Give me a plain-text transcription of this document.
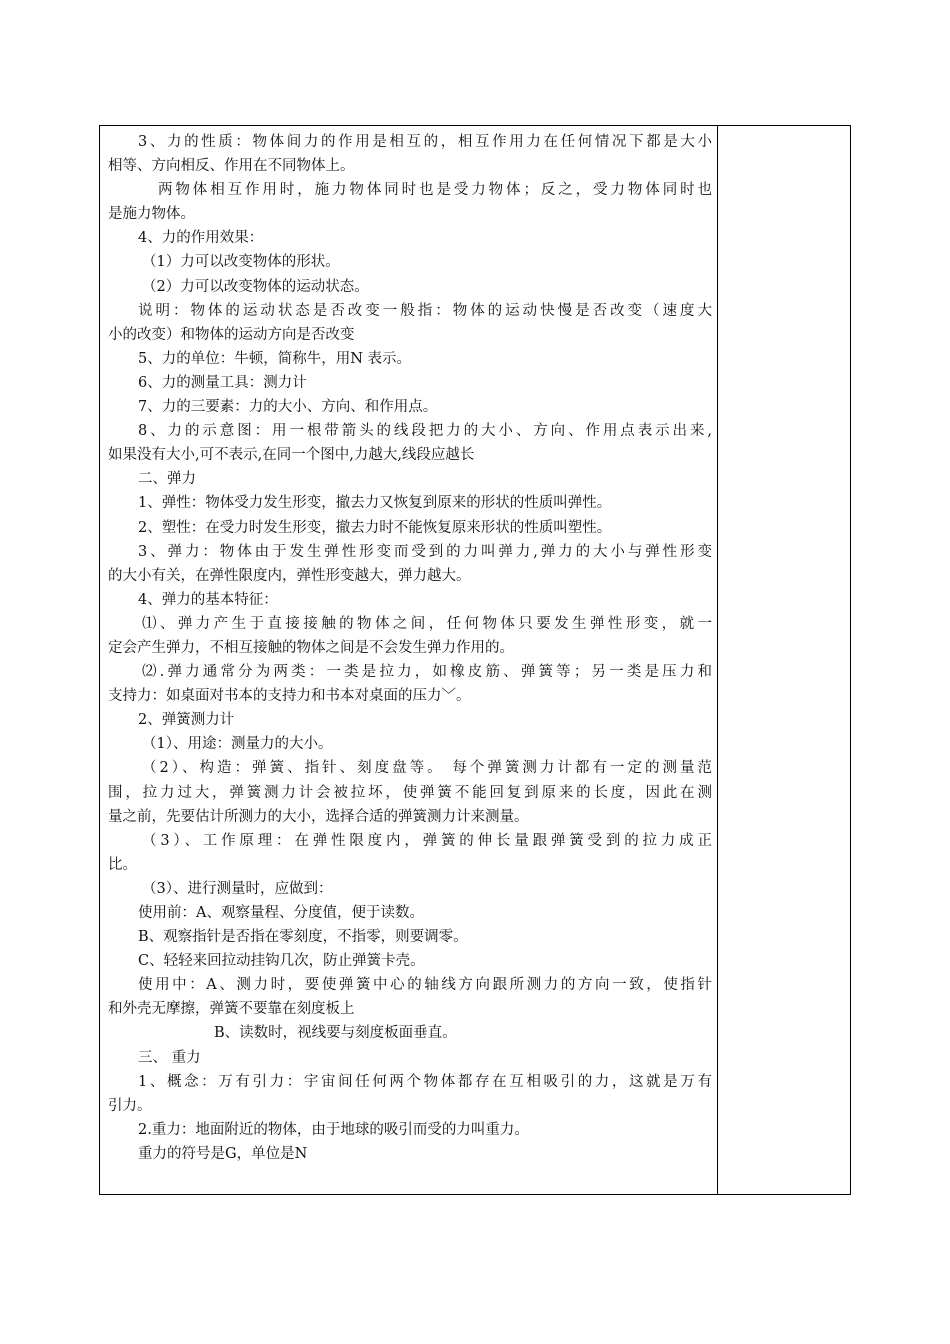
3、力的性质：物体间力的作用是相互的，相互作用力在任何情况下都是大小
相等、方向相反、作用在不同物体上。
两物体相互作用时，施力物体同时也是受力物体；反之，受力物体同时也
是施力物体。
4、力的作用效果：
（1）力可以改变物体的形状。
（2）力可以改变物体的运动状态。
说明：物体的运动状态是否改变一般指：物体的运动快慢是否改变（速度大
小的改变）和物体的运动方向是否改变
5、力的单位：牛顿，简称牛，用N 表示。
6、力的测量工具：测力计
7、力的三要素：力的大小、方向、和作用点。
8、力的示意图：用一根带箭头的线段把力的大小、方向、作用点表示出来,
如果没有大小,可不表示,在同一个图中,力越大,线段应越长
二、弹力
1、弹性：物体受力发生形变，撤去力又恢复到原来的形状的性质叫弹性。
2、塑性：在受力时发生形变，撤去力时不能恢复原来形状的性质叫塑性。
3、弹力：物体由于发生弹性形变而受到的力叫弹力,弹力的大小与弹性形变
的大小有关，在弹性限度内，弹性形变越大，弹力越大。
4、弹力的基本特征：
⑴、弹力产生于直接接触的物体之间，任何物体只要发生弹性形变，就一
定会产生弹力，不相互接触的物体之间是不会发生弹力作用的。
⑵.弹力通常分为两类：一类是拉力，如橡皮筋、弹簧等；另一类是压力和
支持力：如桌面对书本的支持力和书本对桌面的压力﹀。
2、弹簧测力计
（1）、用途：测量力的大小。
（2）、构造：弹簧、指针、刻度盘等。 每个弹簧测力计都有一定的测量范
围，拉力过大，弹簧测力计会被拉坏，使弹簧不能回复到原来的长度，因此在测
量之前，先要估计所测力的大小，选择合适的弹簧测力计来测量。
（3）、工作原理：在弹性限度内，弹簧的伸长量跟弹簧受到的拉力成正
比。
（3）、进行测量时，应做到：
使用前：A、观察量程、分度值，便于读数。
B、观察指针是否指在零刻度，不指零，则要调零。
C、轻轻来回拉动挂钩几次，防止弹簧卡壳。
使用中：A、测力时，要使弹簧中心的轴线方向跟所测力的方向一致，使指针
和外壳无摩擦，弹簧不要靠在刻度板上
B、读数时，视线要与刻度板面垂直。
三、 重力
1、概念：万有引力：宇宙间任何两个物体都存在互相吸引的力，这就是万有
引力。
2.重力：地面附近的物体，由于地球的吸引而受的力叫重力。
重力的符号是G，单位是N
